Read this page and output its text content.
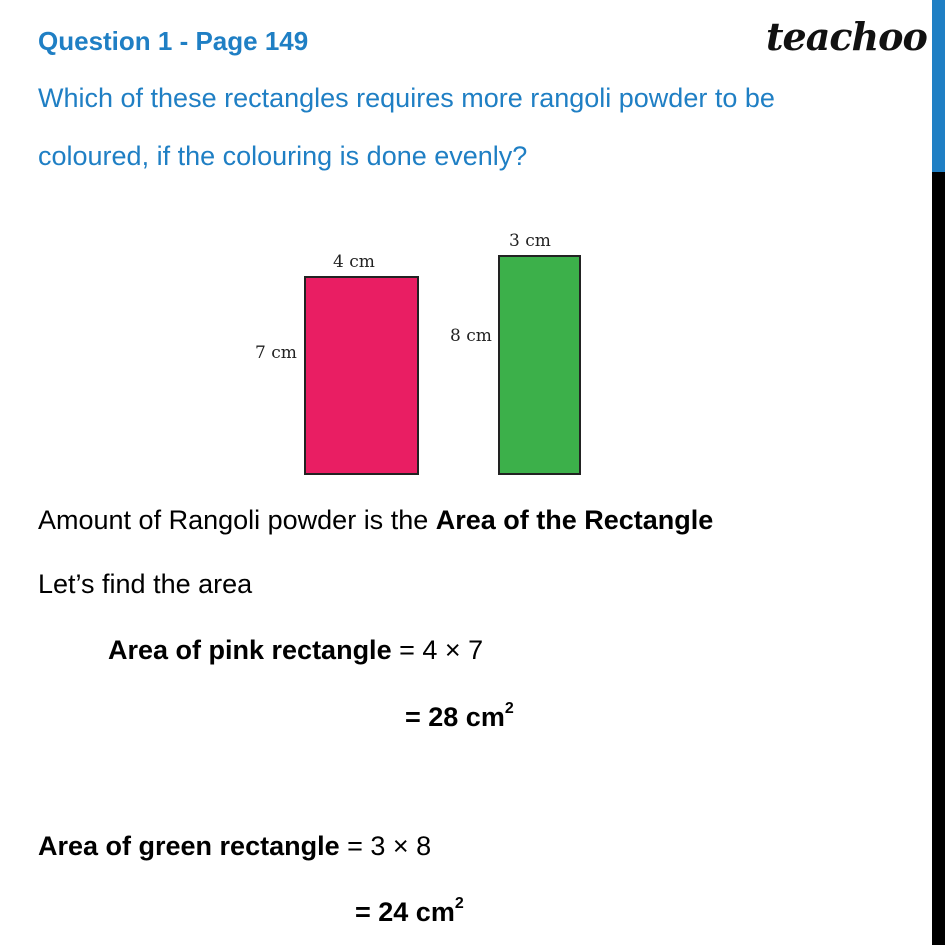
Question 1 - Page 149	teachoo
Which of these rectangles requires more rangoli powder to be
coloured, if the colouring is done evenly?
4 cm
7 cm
3 cm
8 cm
Amount of Rangoli powder is the Area of the Rectangle
Let’s find the area
Area of pink rectangle = 4 × 7
= 28 $cm^2$
Area of green rectangle = 3 × 8
= 24 $cm^2$
